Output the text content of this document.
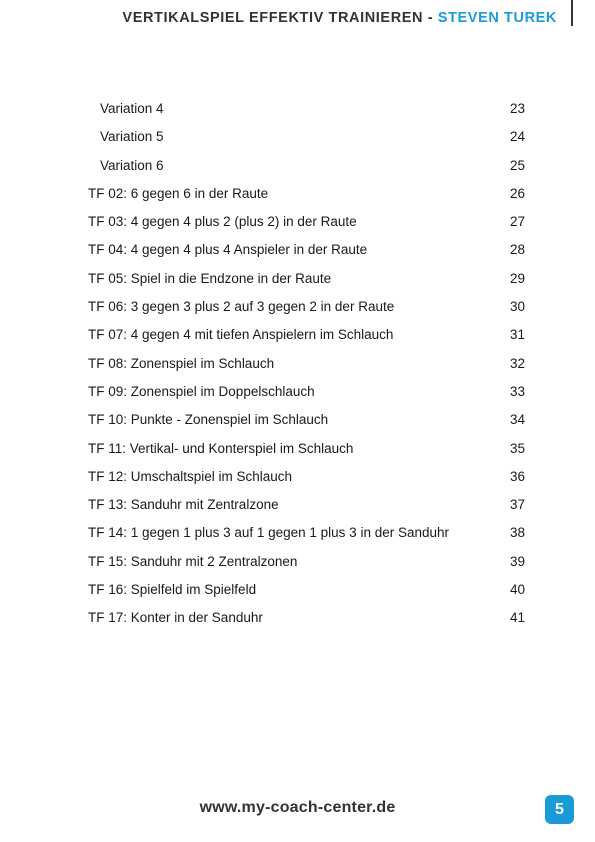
VERTIKALSPIEL EFFEKTIV TRAINIEREN - STEVEN TUREK
Variation 4	23
Variation 5	24
Variation 6	25
TF 02: 6 gegen 6 in der Raute	26
TF 03: 4 gegen 4 plus 2 (plus 2) in der Raute	27
TF 04: 4 gegen 4 plus 4 Anspieler in der Raute	28
TF 05: Spiel in die Endzone in der Raute	29
TF 06: 3 gegen 3 plus 2 auf 3 gegen 2 in der Raute	30
TF 07: 4 gegen 4 mit tiefen Anspielern im Schlauch	31
TF 08: Zonenspiel im Schlauch	32
TF 09: Zonenspiel im Doppelschlauch	33
TF 10: Punkte - Zonenspiel im Schlauch	34
TF 11: Vertikal- und Konterspiel im Schlauch	35
TF 12: Umschaltspiel im Schlauch	36
TF 13: Sanduhr mit Zentralzone	37
TF 14: 1 gegen 1 plus 3 auf 1 gegen 1 plus 3 in der Sanduhr	38
TF 15: Sanduhr mit 2 Zentralzonen	39
TF 16: Spielfeld im Spielfeld	40
TF 17: Konter in der Sanduhr	41
www.my-coach-center.de	5
